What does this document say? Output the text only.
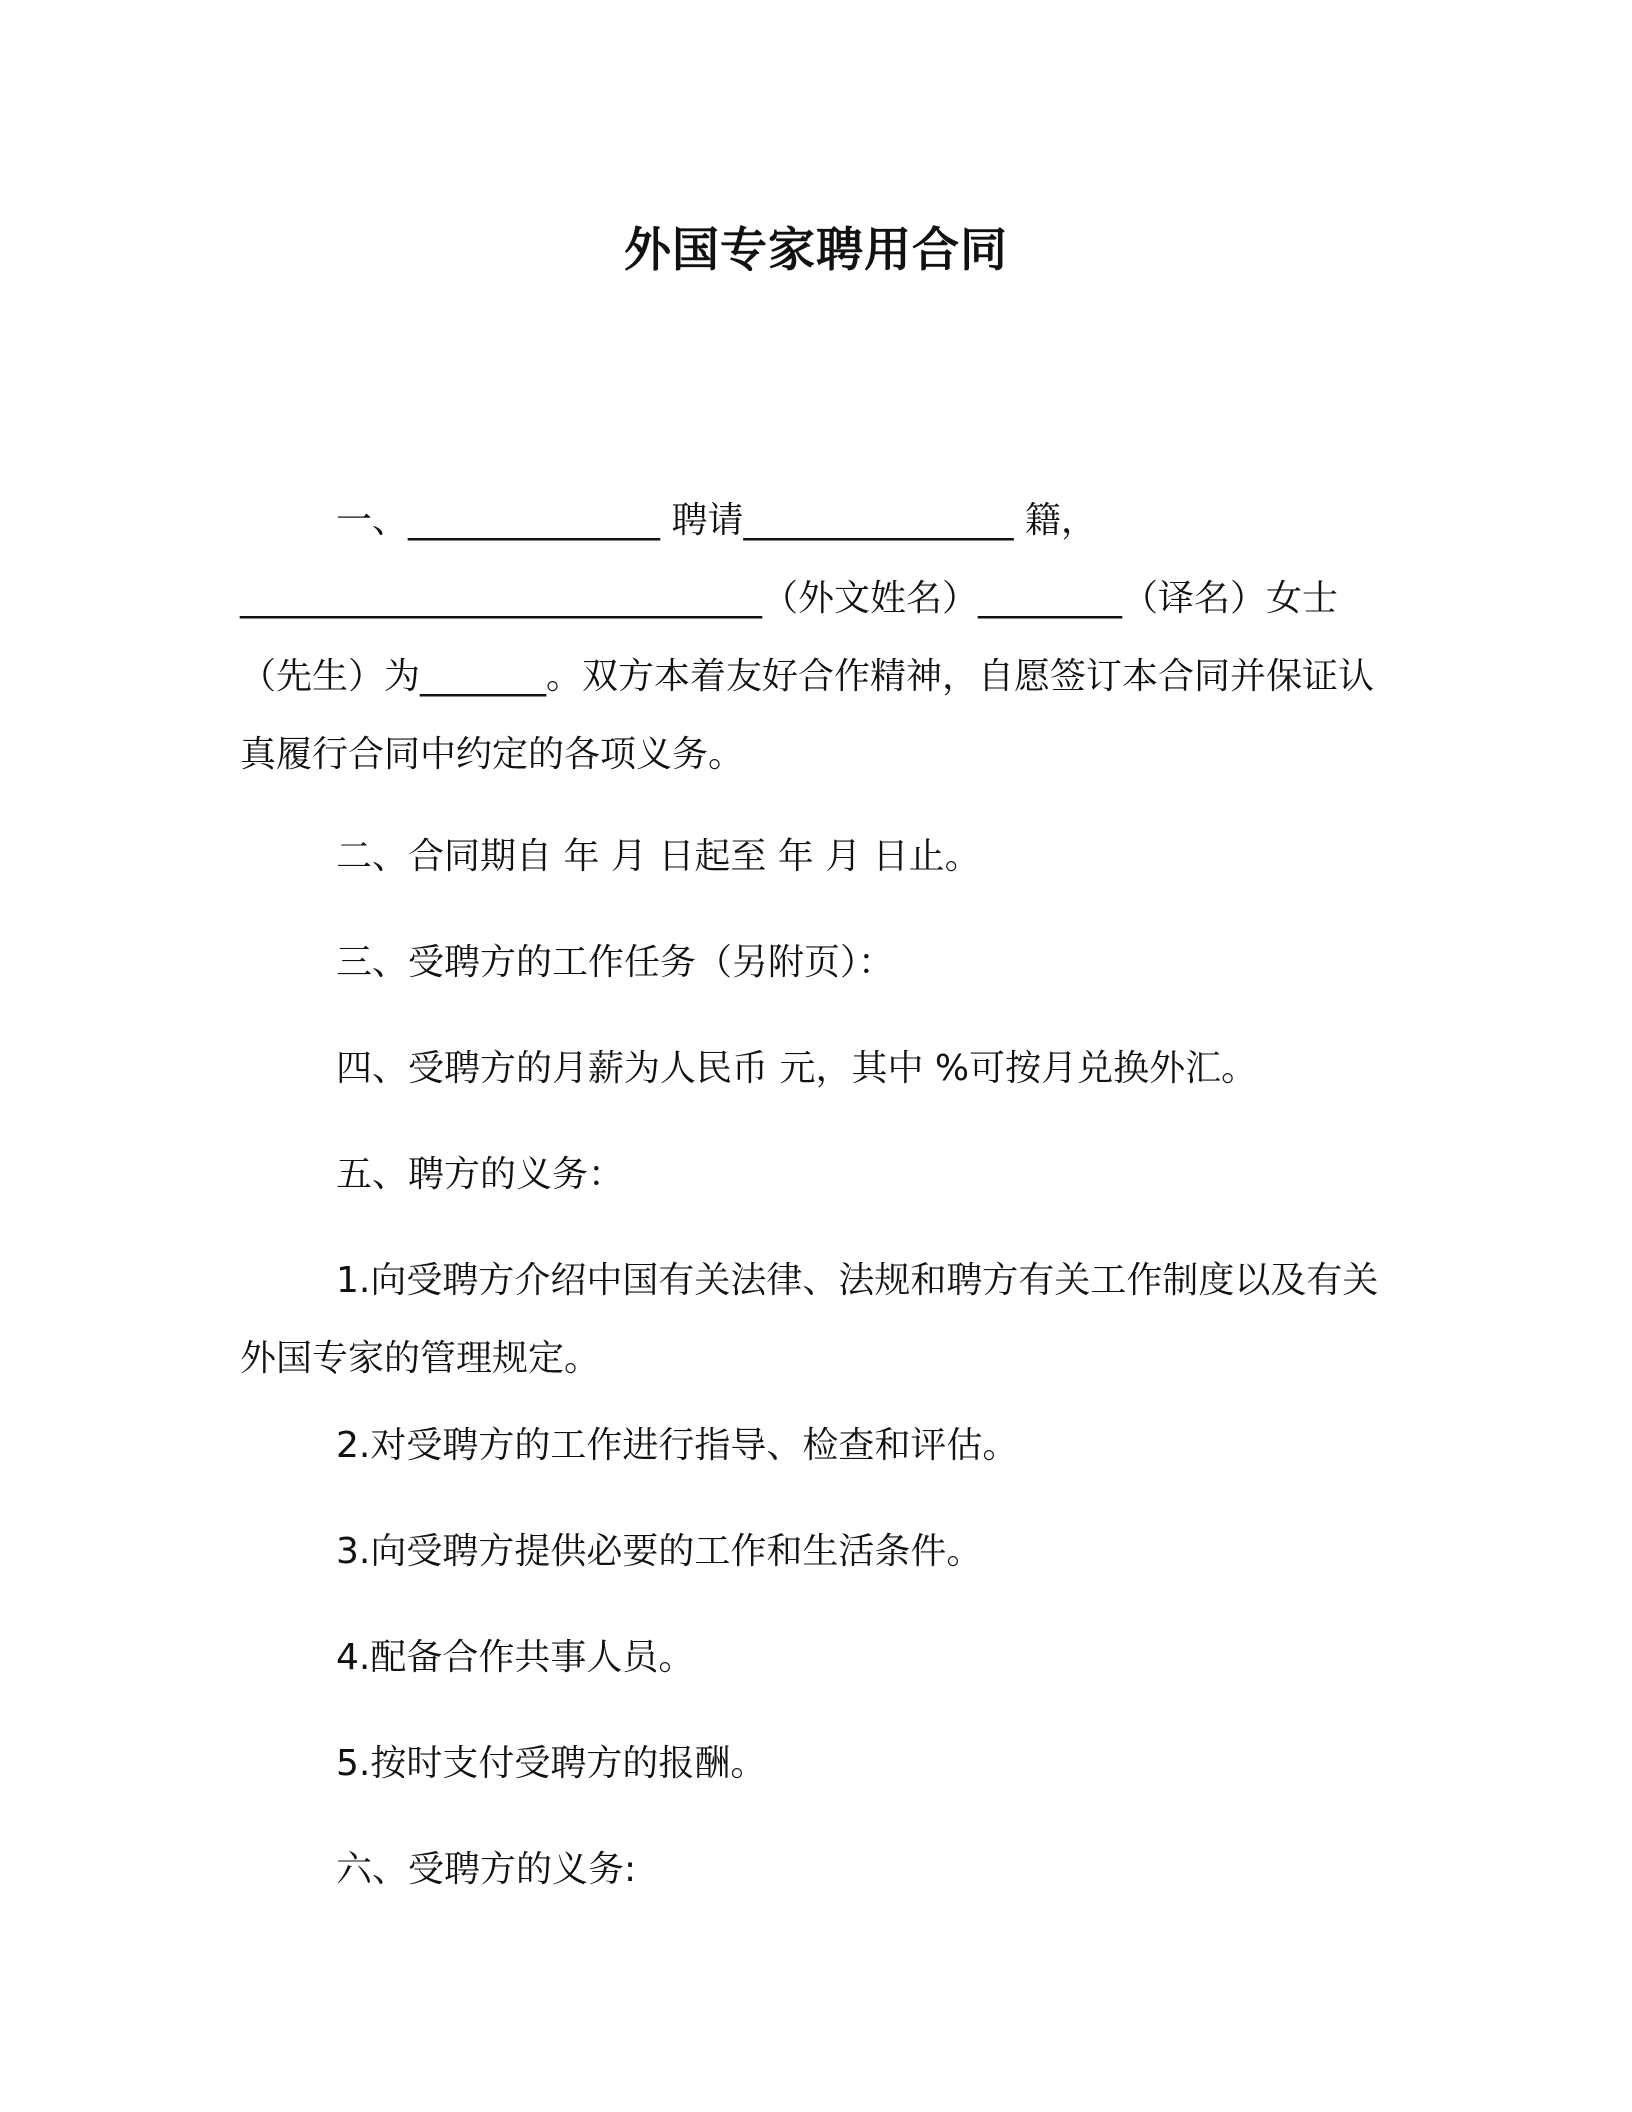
外国专家聘用合同

一、______________ 聘请_______________ 籍，_____________________________（外文姓名）________（译名）女士（先生）为_______。双方本着友好合作精神，自愿签订本合同并保证认真履行合同中约定的各项义务。

二、合同期自 年 月 日起至 年 月 日止。

三、受聘方的工作任务（另附页）：

四、受聘方的月薪为人民币 元，其中 %可按月兑换外汇。

五、聘方的义务：

1.向受聘方介绍中国有关法律、法规和聘方有关工作制度以及有关外国专家的管理规定。

2.对受聘方的工作进行指导、检查和评估。

3.向受聘方提供必要的工作和生活条件。

4.配备合作共事人员。

5.按时支付受聘方的报酬。

六、受聘方的义务:
